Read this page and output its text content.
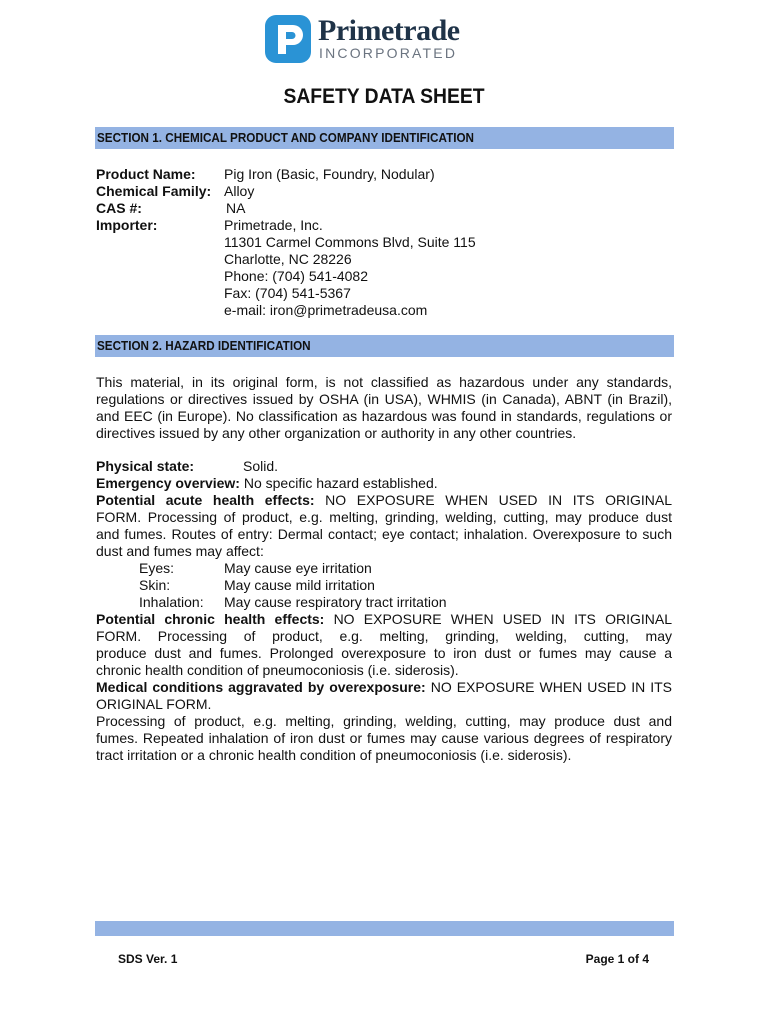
Primetrade
INCORPORATED
SAFETY DATA SHEET
SECTION 1. CHEMICAL PRODUCT AND COMPANY IDENTIFICATION
Product Name: Pig Iron (Basic, Foundry, Nodular)
Chemical Family: Alloy
CAS #:	NA
Importer:	Primetrade, Inc.
11301 Carmel Commons Blvd, Suite 115
Charlotte, NC 28226
Phone: (704) 541-4082
Fax: (704) 541-5367
e-mail: iron@primetradeusa.com
SECTION 2. HAZARD IDENTIFICATION
This material, in its original form, is not classified as hazardous under any standards,
regulations or directives issued by OSHA (in USA), WHMIS (in Canada), ABNT (in Brazil),
and EEC (in Europe). No classification as hazardous was found in standards, regulations or
directives issued by any other organization or authority in any other countries.
Physical state:	Solid.
Emergency overview: No specific hazard established.
Potential acute health effects: NO EXPOSURE WHEN USED IN ITS ORIGINAL
FORM. Processing of product, e.g. melting, grinding, welding, cutting, may produce dust
and fumes. Routes of entry: Dermal contact; eye contact; inhalation. Overexposure to such
dust and fumes may affect:
Eyes:	May cause eye irritation
Skin:	May cause mild irritation
Inhalation: May cause respiratory tract irritation
Potential chronic health effects: NO EXPOSURE WHEN USED IN ITS ORIGINAL
FORM. Processing of product, e.g. melting, grinding, welding, cutting, may
produce dust and fumes. Prolonged overexposure to iron dust or fumes may cause a
chronic health condition of pneumoconiosis (i.e. siderosis).
Medical conditions aggravated by overexposure: NO EXPOSURE WHEN USED IN ITS
ORIGINAL FORM.
Processing of product, e.g. melting, grinding, welding, cutting, may produce dust and
fumes. Repeated inhalation of iron dust or fumes may cause various degrees of respiratory
tract irritation or a chronic health condition of pneumoconiosis (i.e. siderosis).
SDS Ver. 1	Page 1 of 4
